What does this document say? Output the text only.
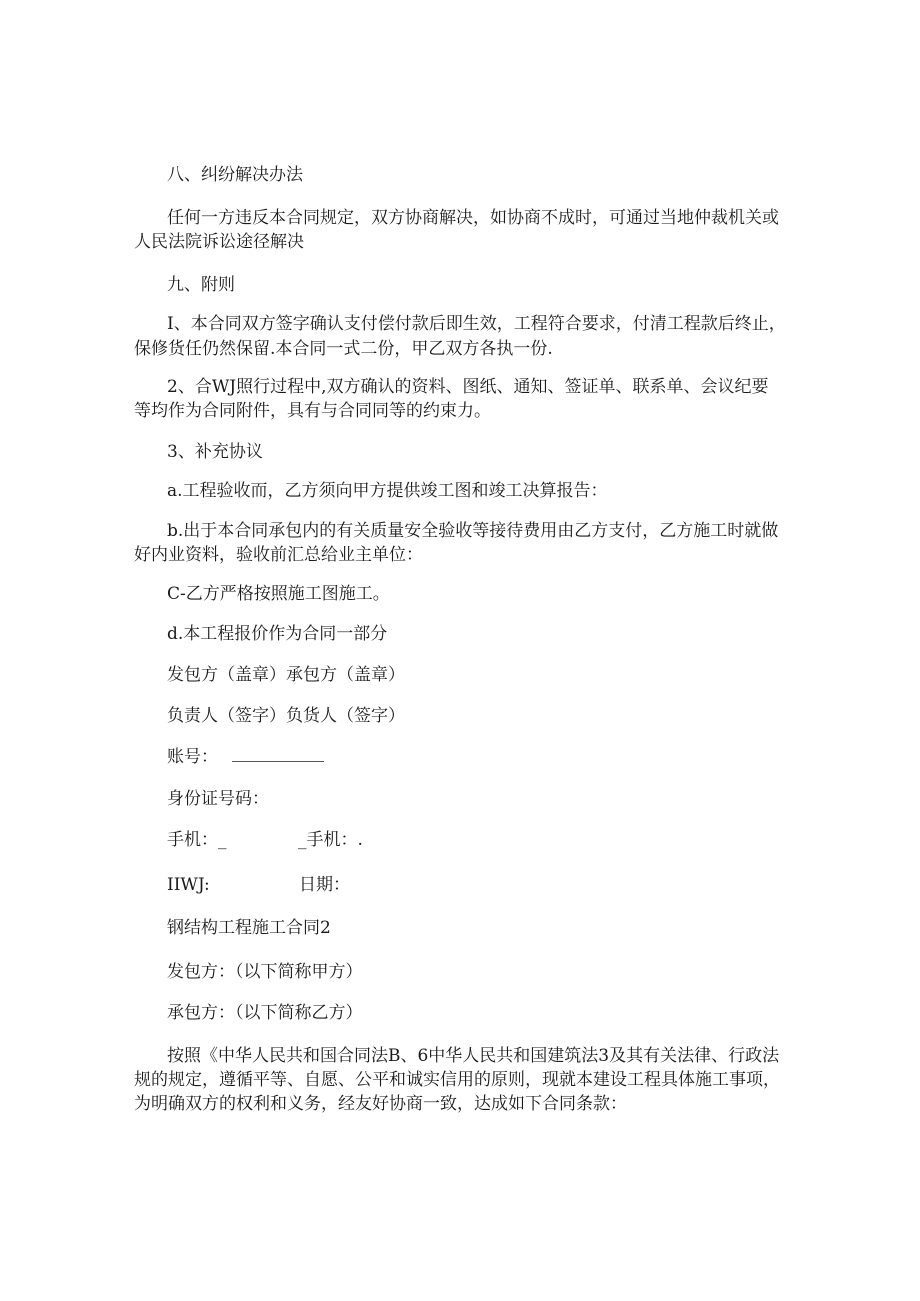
八、纠纷解决办法
任何一方违反本合同规定，双方协商解决，如协商不成时，可通过当地仲裁机关或
人民法院诉讼途径解决
九、附则
I、本合同双方签字确认支付偿付款后即生效，工程符合要求，付清工程款后终止，
保修货任仍然保留.本合同一式二份，甲乙双方各执一份.
2、合WJ照行过程中,双方确认的资料、图纸、通知、签证单、联系单、会议纪要
等均作为合同附件，具有与合同同等的约束力。
3、补充协议
a.工程验收而，乙方须向甲方提供竣工图和竣工决算报告：
b.出于本合同承包内的有关质量安全验收等接待费用由乙方支付，乙方施工时就做
好内业资料，验收前汇总给业主单位：
C-乙方严格按照施工图施工。
d.本工程报价作为合同一部分
发包方（盖章）承包方（盖章）
负责人（签字）负货人（签字）
账号：
身份证号码：
手机：_	_手机：.
IIWJ:	日期：
钢结构工程施工合同2
发包方：（以下简称甲方）
承包方：（以下简称乙方）
按照《中华人民共和国合同法B、6中华人民共和国建筑法3及其有关法律、行政法
规的规定，遵循平等、自愿、公平和诚实信用的原则，现就本建设工程具体施工事项，
为明确双方的权利和义务，经友好协商一致，达成如下合同条款：
